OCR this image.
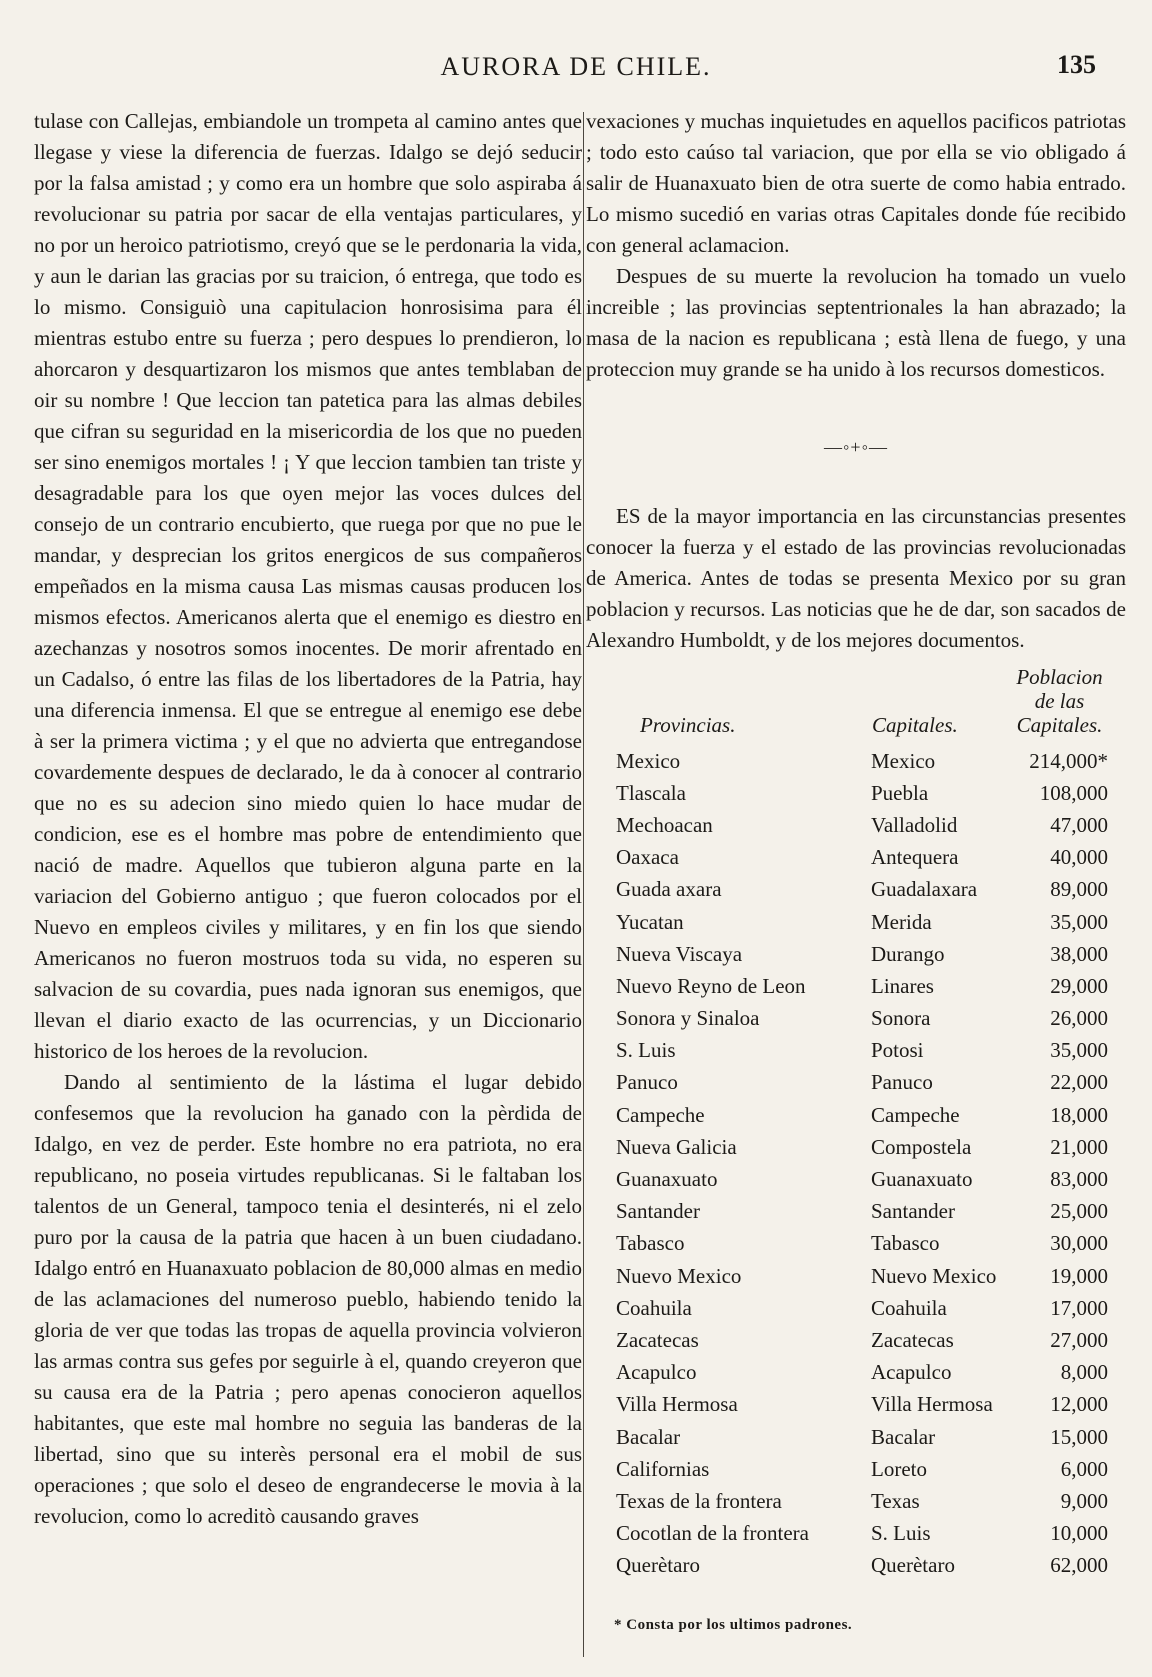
AURORA DE CHILE.	135

tulase con Callejas, embiandole un trompeta al camino antes que llegase y viese la diferencia de fuerzas. Idalgo se dejó seducir por la falsa amistad ; y como era un hombre que solo aspiraba á revolucionar su patria por sacar de ella ventajas particulares, y no por un heroico patriotismo, creyó que se le perdonaria la vida, y aun le darian las gracias por su traicion, ó entrega, que todo es lo mismo. Consiguiò una capitulacion honrosisima para él mientras estubo entre su fuerza ; pero despues lo prendieron, lo ahorcaron y desquartizaron los mismos que antes temblaban de oir su nombre ! Que leccion tan patetica para las almas debiles que cifran su seguridad en la misericordia de los que no pueden ser sino enemigos mortales ! ¡ Y que leccion tambien tan triste y desagradable para los que oyen mejor las voces dulces del consejo de un contrario encubierto, que ruega por que no pue le mandar, y desprecian los gritos energicos de sus compañeros empeñados en la misma causa Las mismas causas producen los mismos efectos. Americanos alerta que el enemigo es diestro en azechanzas y nosotros somos inocentes. De morir afrentado en un Cadalso, ó entre las filas de los libertadores de la Patria, hay una diferencia inmensa. El que se entregue al enemigo ese debe à ser la primera victima ; y el que no advierta que entregandose covardemente despues de declarado, le da à conocer al contrario que no es su adecion sino miedo quien lo hace mudar de condicion, ese es el hombre mas pobre de entendimiento que nació de madre. Aquellos que tubieron alguna parte en la variacion del Gobierno antiguo ; que fueron colocados por el Nuevo en empleos civiles y militares, y en fin los que siendo Americanos no fueron mostruos toda su vida, no esperen su salvacion de su covardia, pues nada ignoran sus enemigos, que llevan el diario exacto de las ocurrencias, y un Diccionario historico de los heroes de la revolucion.

Dando al sentimiento de la lástima el lugar debido confesemos que la revolucion ha ganado con la pèrdida de Idalgo, en vez de perder. Este hombre no era patriota, no era republicano, no poseia virtudes republicanas. Si le faltaban los talentos de un General, tampoco tenia el desinterés, ni el zelo puro por la causa de la patria que hacen à un buen ciudadano. Idalgo entró en Huanaxuato poblacion de 80,000 almas en medio de las aclamaciones del numeroso pueblo, habiendo tenido la gloria de ver que todas las tropas de aquella provincia volvieron las armas contra sus gefes por seguirle à el, quando creyeron que su causa era de la Patria ; pero apenas conocieron aquellos habitantes, que este mal hombre no seguia las banderas de la libertad, sino que su interès personal era el mobil de sus operaciones ; que solo el deseo de engrandecerse le movia à la revolucion, como lo acreditò causando graves

vexaciones y muchas inquietudes en aquellos pacificos patriotas ; todo esto caúso tal variacion, que por ella se vio obligado á salir de Huanaxuato bien de otra suerte de como habia entrado. Lo mismo sucedió en varias otras Capitales donde fúe recibido con general aclamacion.

Despues de su muerte la revolucion ha tomado un vuelo increible ; las provincias septentrionales la han abrazado; la masa de la nacion es republicana ; està llena de fuego, y una proteccion muy grande se ha unido à los recursos domesticos.

—◦+◦—

ES de la mayor importancia en las circunstancias presentes conocer la fuerza y el estado de las provincias revolucionadas de America. Antes de todas se presenta Mexico por su gran poblacion y recursos. Las noticias que he de dar, son sacados de Alexandro Humboldt, y de los mejores documentos.

Provincias.	Capitales.	Poblacion de las Capitales.
Mexico	Mexico	214,000*
Tlascala	Puebla	108,000
Mechoacan	Valladolid	47,000
Oaxaca	Antequera	40,000
Guada axara	Guadalaxara	89,000
Yucatan	Merida	35,000
Nueva Viscaya	Durango	38,000
Nuevo Reyno de Leon	Linares	29,000
Sonora y Sinaloa	Sonora	26,000
S. Luis	Potosi	35,000
Panuco	Panuco	22,000
Campeche	Campeche	18,000
Nueva Galicia	Compostela	21,000
Guanaxuato	Guanaxuato	83,000
Santander	Santander	25,000
Tabasco	Tabasco	30,000
Nuevo Mexico	Nuevo Mexico	19,000
Coahuila	Coahuila	17,000
Zacatecas	Zacatecas	27,000
Acapulco	Acapulco	8,000
Villa Hermosa	Villa Hermosa	12,000
Bacalar	Bacalar	15,000
Californias	Loreto	6,000
Texas de la frontera	Texas	9,000
Cocotlan de la frontera	S. Luis	10,000
Querètaro	Querètaro	62,000
* Consta por los ultimos padrones.
